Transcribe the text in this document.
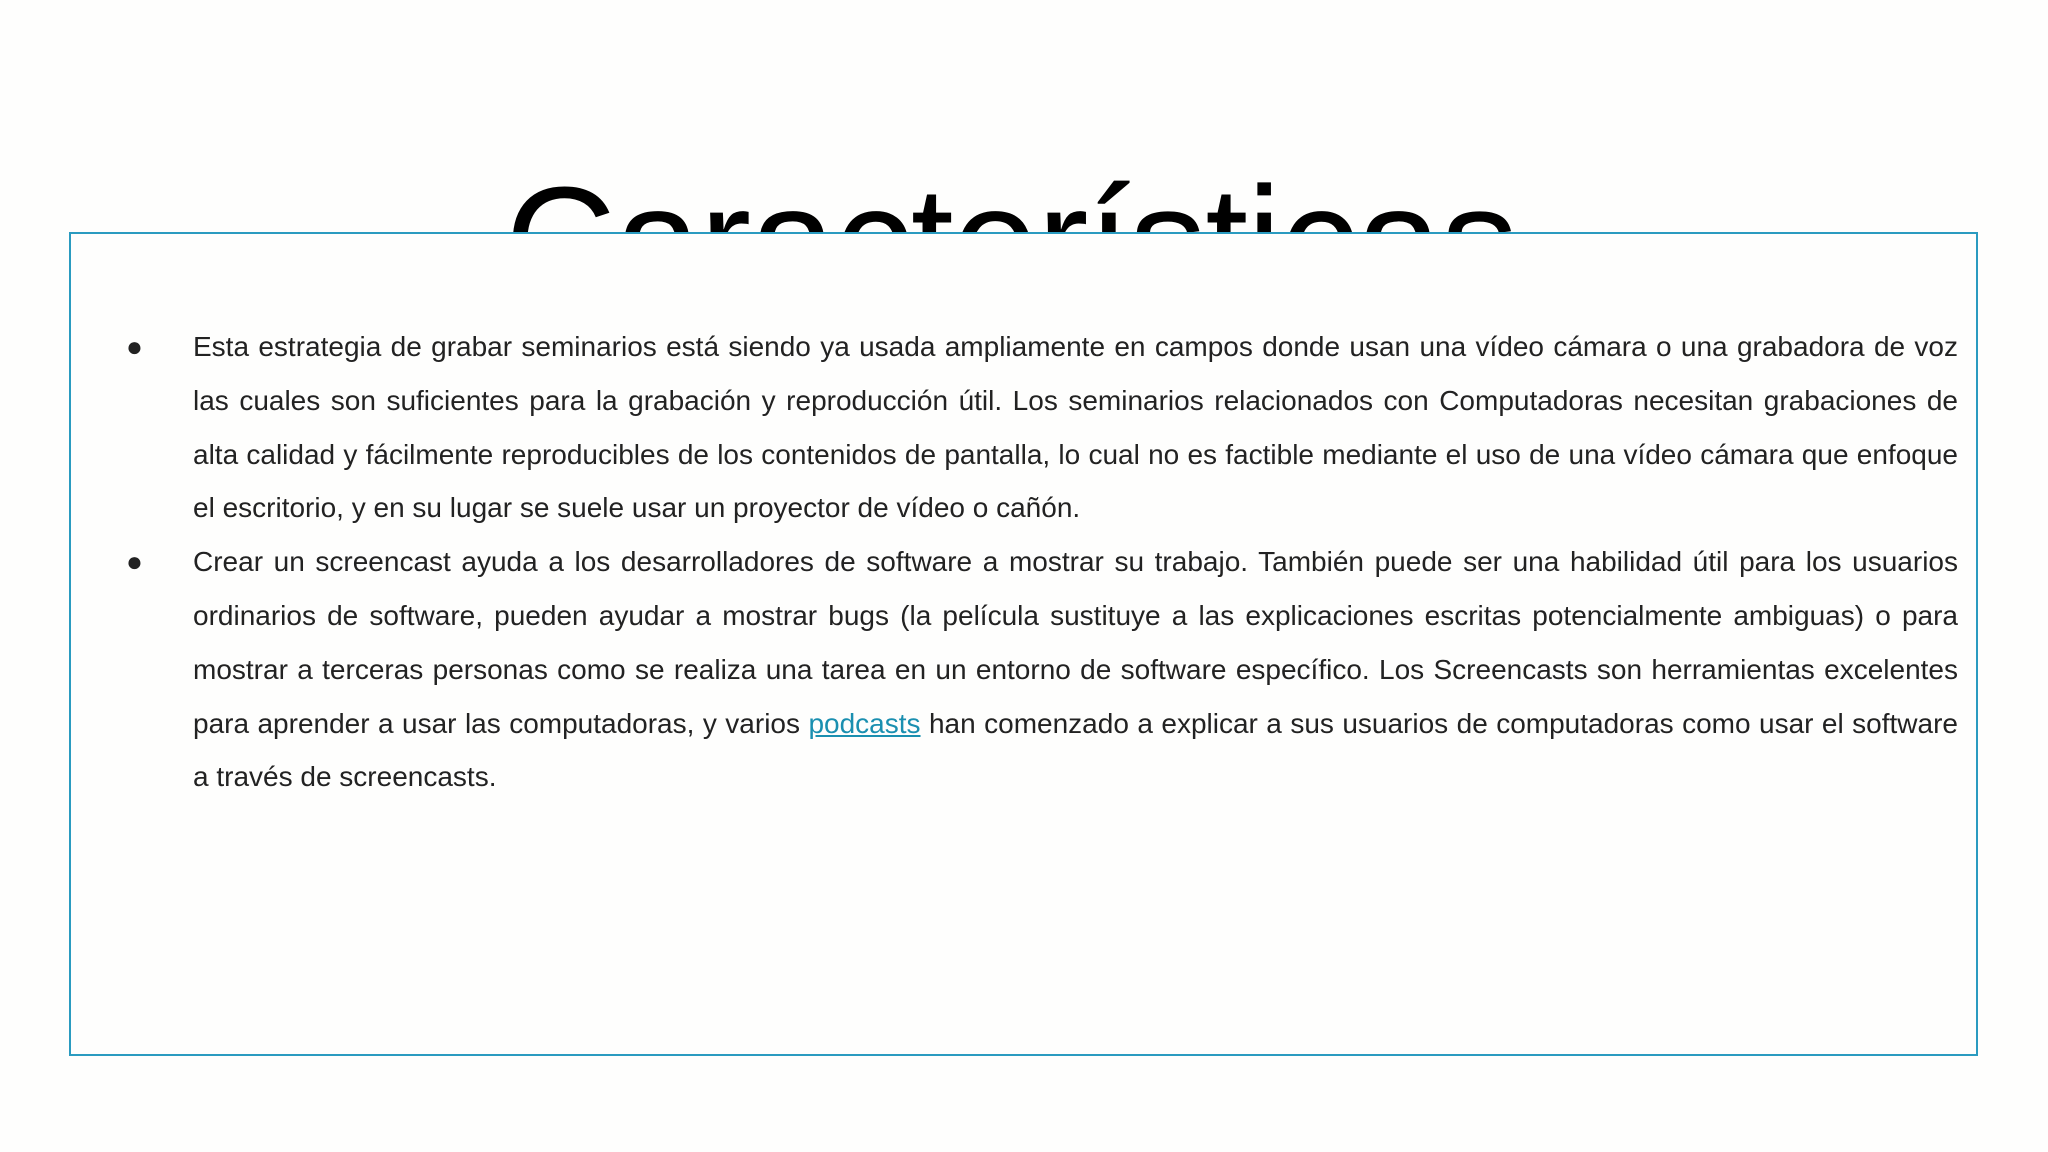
● Esta estrategia de grabar seminarios está siendo ya usada ampliamente en campos donde usan una vídeo cámara o una grabadora de voz las cuales son suficientes para la grabación y reproducción útil. Los seminarios relacionados con Computadoras necesitan grabaciones de alta calidad y fácilmente reproducibles de los contenidos de pantalla, lo cual no es factible mediante el uso de una vídeo cámara que enfoque el escritorio, y en su lugar se suele usar un proyector de vídeo o cañón.
● Crear un screencast ayuda a los desarrolladores de software a mostrar su trabajo. También puede ser una habilidad útil para los usuarios ordinarios de software, pueden ayudar a mostrar bugs (la película sustituye a las explicaciones escritas potencialmente ambiguas) o para mostrar a terceras personas como se realiza una tarea en un entorno de software específico. Los Screencasts son herramientas excelentes para aprender a usar las computadoras, y varios podcasts han comenzado a explicar a sus usuarios de computadoras como usar el software a través de screencasts.
